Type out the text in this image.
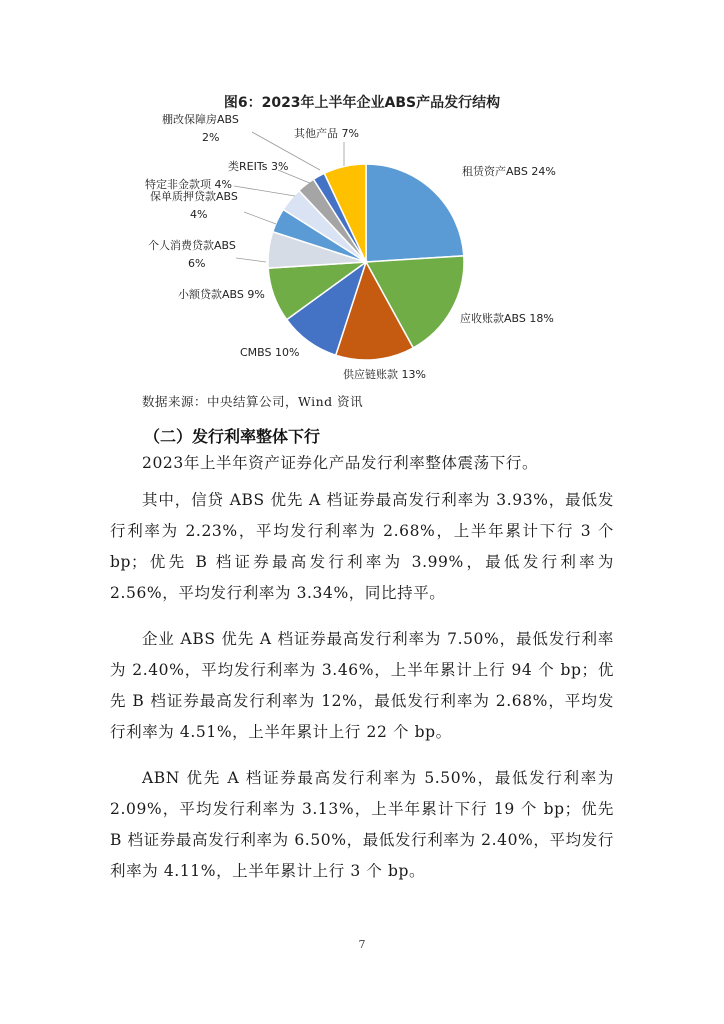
图6：2023年上半年企业ABS产品发行结构
租赁资产ABS 24%
应收账款ABS 18%
供应链账款 13%
CMBS 10%
小额贷款ABS 9%
个人消费贷款ABS 6%
保单质押贷款ABS 4%
特定非金款项 4%
类REITs 3%
棚改保障房ABS 2%	其他产品 7%
数据来源：中央结算公司，Wind 资讯
（二）发行利率整体下行
2023年上半年资产证券化产品发行利率整体震荡下行。
其中，信贷 ABS 优先 A 档证券最高发行利率为 3.93%，最低发行利率为 2.23%，平均发行利率为 2.68%，上半年累计下行 3 个 bp；优先 B 档证券最高发行利率为 3.99%，最低发行利率为 2.56%，平均发行利率为 3.34%，同比持平。
企业 ABS 优先 A 档证券最高发行利率为 7.50%，最低发行利率为 2.40%，平均发行利率为 3.46%，上半年累计上行 94 个 bp；优先 B 档证券最高发行利率为 12%，最低发行利率为 2.68%，平均发行利率为 4.51%，上半年累计上行 22 个 bp。
ABN 优先 A 档证券最高发行利率为 5.50%，最低发行利率为 2.09%，平均发行利率为 3.13%，上半年累计下行 19 个 bp；优先 B 档证券最高发行利率为 6.50%，最低发行利率为 2.40%，平均发行利率为 4.11%，上半年累计上行 3 个 bp。
7
